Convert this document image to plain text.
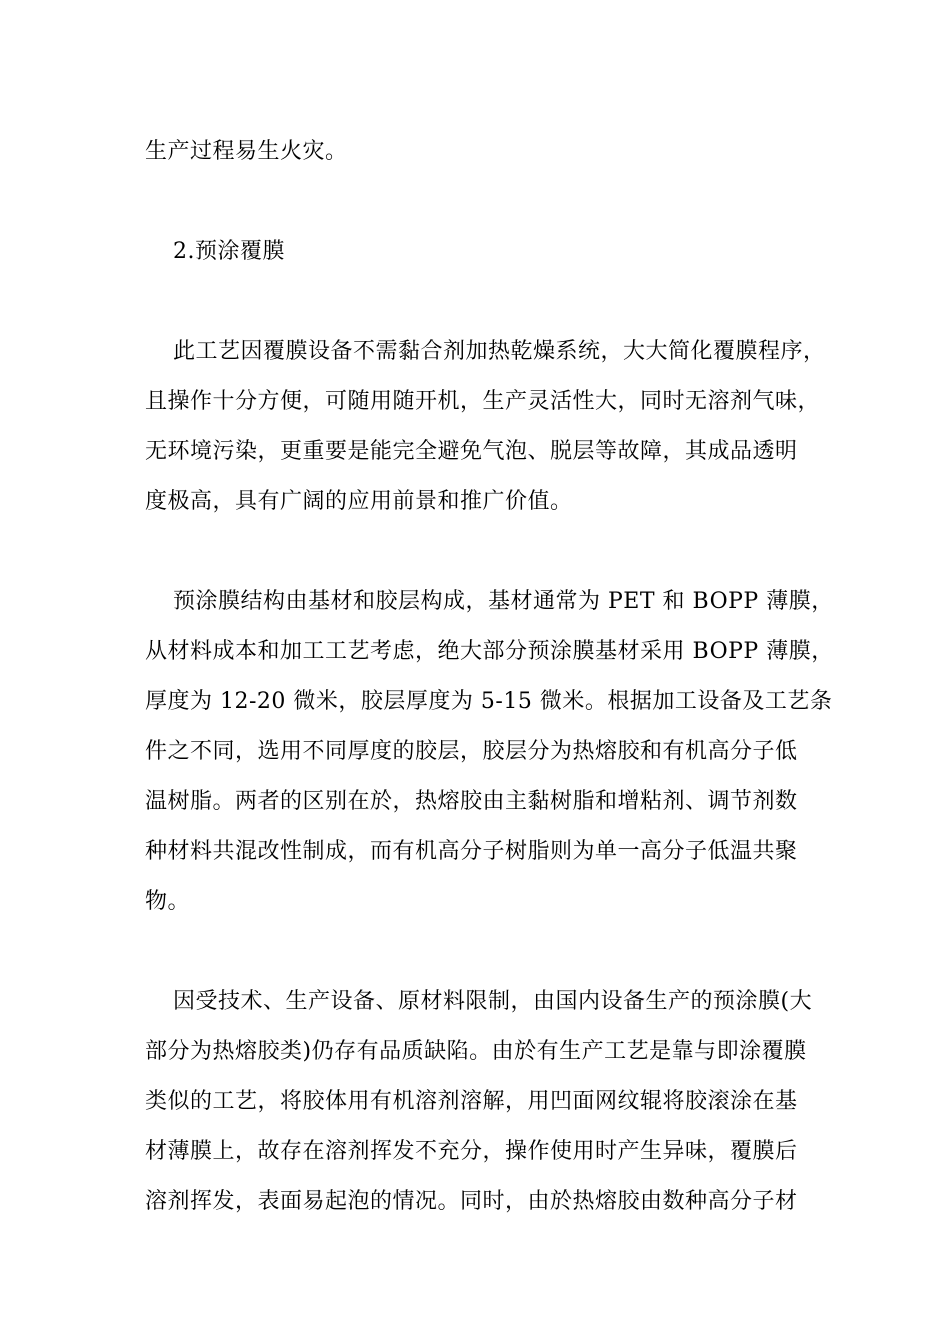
生产过程易生火灾。
2.预涂覆膜
此工艺因覆膜设备不需黏合剂加热乾燥系统，大大简化覆膜程序，
且操作十分方便，可随用随开机，生产灵活性大，同时无溶剂气味，
无环境污染，更重要是能完全避免气泡、脱层等故障，其成品透明
度极高，具有广阔的应用前景和推广价值。
预涂膜结构由基材和胶层构成，基材通常为 PET 和 BOPP 薄膜，
从材料成本和加工工艺考虑，绝大部分预涂膜基材采用 BOPP 薄膜，
厚度为 12-20 微米，胶层厚度为 5-15 微米。根据加工设备及工艺条
件之不同，选用不同厚度的胶层，胶层分为热熔胶和有机高分子低
温树脂。两者的区别在於，热熔胶由主黏树脂和增粘剂、调节剂数
种材料共混改性制成，而有机高分子树脂则为单一高分子低温共聚
物。
因受技术、生产设备、原材料限制，由国内设备生产的预涂膜(大
部分为热熔胶类)仍存有品质缺陷。由於有生产工艺是靠与即涂覆膜
类似的工艺，将胶体用有机溶剂溶解，用凹面网纹辊将胶滚涂在基
材薄膜上，故存在溶剂挥发不充分，操作使用时产生异味，覆膜后
溶剂挥发，表面易起泡的情况。同时，由於热熔胶由数种高分子材
